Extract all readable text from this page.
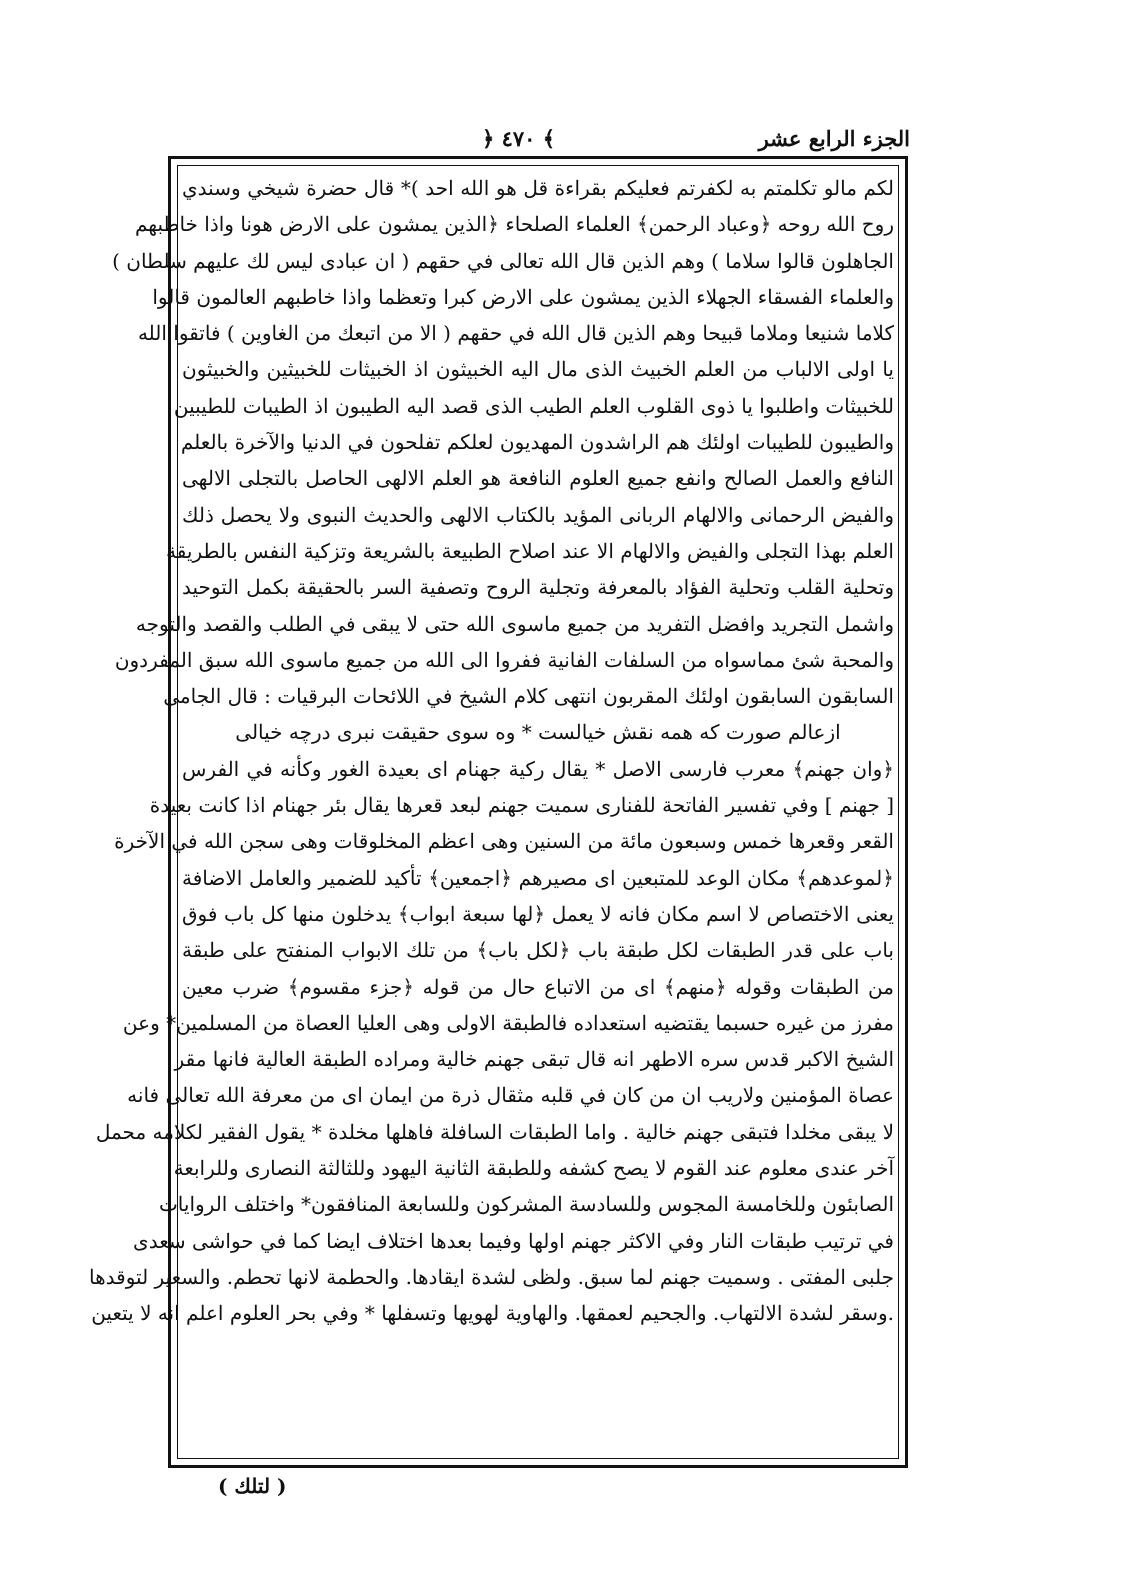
الجزء الرابع عشر
﴾ ٤٧٠ ﴿
لكم مالو تكلمتم به لكفرتم فعليكم بقراءة قل هو الله احد )* قال حضرة شيخي وسندي
روح الله روحه ﴿وعباد الرحمن﴾ العلماء الصلحاء ﴿الذين يمشون على الارض هونا واذا خاطبهم
الجاهلون قالوا سلاما ) وهم الذين قال الله تعالى في حقهم ( ان عبادى ليس لك عليهم سلطان )
والعلماء الفسقاء الجهلاء الذين يمشون على الارض كبرا وتعظما واذا خاطبهم العالمون قالوا
كلاما شنيعا وملاما قبيحا وهم الذين قال الله في حقهم ( الا من اتبعك من الغاوين ) فاتقوا الله
يا اولى الالباب من العلم الخبيث الذى مال اليه الخبيثون اذ الخبيثات للخبيثين والخبيثون
للخبيثات واطلبوا يا ذوى القلوب العلم الطيب الذى قصد اليه الطيبون اذ الطيبات للطيبين
والطيبون للطيبات اولئك هم الراشدون المهديون لعلكم تفلحون في الدنيا والآخرة بالعلم
النافع والعمل الصالح وانفع جميع العلوم النافعة هو العلم الالهى الحاصل بالتجلى الالهى
والفيض الرحمانى والالهام الربانى المؤيد بالكتاب الالهى والحديث النبوى ولا يحصل ذلك
العلم بهذا التجلى والفيض والالهام الا عند اصلاح الطبيعة بالشريعة وتزكية النفس بالطريقة
وتحلية القلب وتحلية الفؤاد بالمعرفة وتجلية الروح وتصفية السر بالحقيقة بكمل التوحيد
واشمل التجريد وافضل التفريد من جميع ماسوى الله حتى لا يبقى في الطلب والقصد والتوجه
والمحبة شئ مماسواه من السلفات الفانية ففروا الى الله من جميع ماسوى الله سبق المفردون
السابقون السابقون اولئك المقربون انتهى كلام الشيخ في اللائحات البرقيات : قال الجامى
ازعالم صورت كه همه نقش خيالست * وه سوى حقيقت نبرى درچه خيالى
﴿وان جهنم﴾ معرب فارسى الاصل * يقال ركية جهنام اى بعيدة الغور وكأنه في الفرس
[ جهنم ] وفي تفسير الفاتحة للفنارى سميت جهنم لبعد قعرها يقال بئر جهنام اذا كانت بعيدة
القعر وقعرها خمس وسبعون مائة من السنين وهى اعظم المخلوقات وهى سجن الله في الآخرة
﴿لموعدهم﴾ مكان الوعد للمتبعين اى مصيرهم ﴿اجمعين﴾ تأكيد للضمير والعامل الاضافة
يعنى الاختصاص لا اسم مكان فانه لا يعمل ﴿لها سبعة ابواب﴾ يدخلون منها كل باب فوق
باب على قدر الطبقات لكل طبقة باب ﴿لكل باب﴾ من تلك الابواب المنفتح على طبقة
من الطبقات وقوله ﴿منهم﴾ اى من الاتباع حال من قوله ﴿جزء مقسوم﴾ ضرب معين
مفرز من غيره حسبما يقتضيه استعداده فالطبقة الاولى وهى العليا العصاة من المسلمين* وعن
الشيخ الاكبر قدس سره الاطهر انه قال تبقى جهنم خالية ومراده الطبقة العالية فانها مقر
عصاة المؤمنين ولاريب ان من كان في قلبه مثقال ذرة من ايمان اى من معرفة الله تعالى فانه
لا يبقى مخلدا فتبقى جهنم خالية . واما الطبقات السافلة فاهلها مخلدة * يقول الفقير لكلامه محمل
آخر عندى معلوم عند القوم لا يصح كشفه وللطبقة الثانية اليهود وللثالثة النصارى وللرابعة
الصابئون وللخامسة المجوس وللسادسة المشركون وللسابعة المنافقون* واختلف الروايات
في ترتيب طبقات النار وفي الاكثر جهنم اولها وفيما بعدها اختلاف ايضا كما في حواشى سعدى
جلبى المفتى . وسميت جهنم لما سبق. ولظى لشدة ايقادها. والحطمة لانها تحطم. والسعير لتوقدها
.وسقر لشدة الالتهاب. والجحيم لعمقها. والهاوية لهويها وتسفلها * وفي بحر العلوم اعلم انه لا يتعين
( لتلك )
